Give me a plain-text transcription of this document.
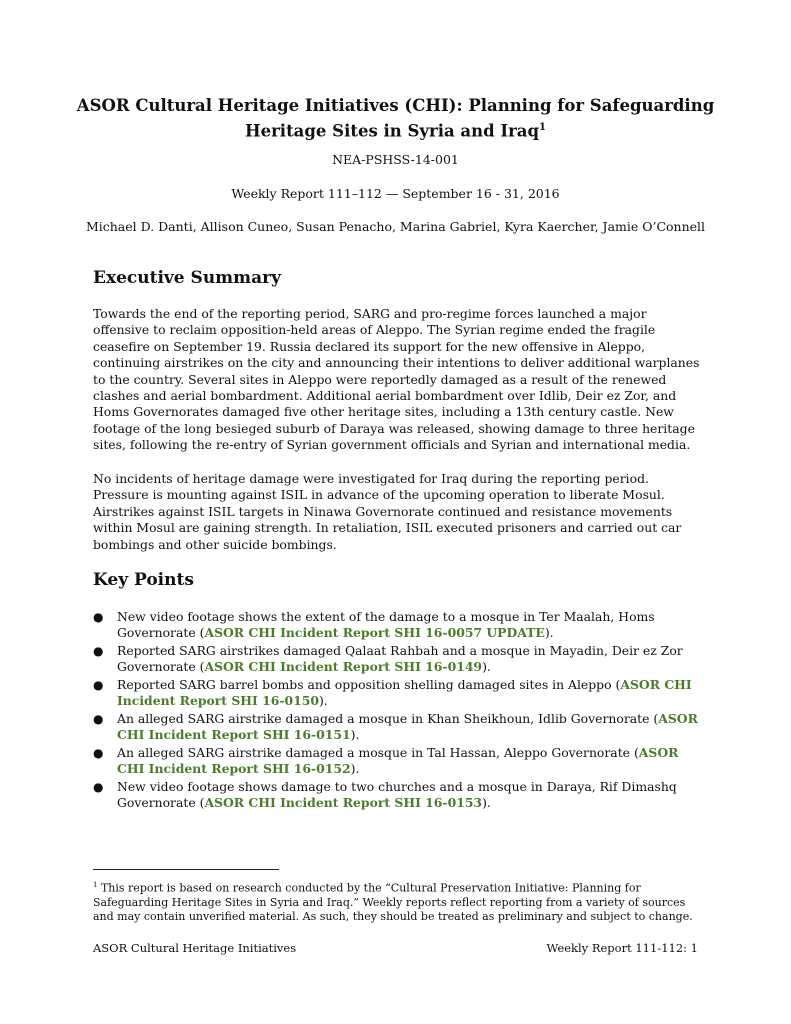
ASOR Cultural Heritage Initiatives (CHI): Planning for Safeguarding
Heritage Sites in Syria and Iraq$^1$
NEA-PSHSS-14-001
Weekly Report 111–112 — September 16 - 31, 2016
Michael D. Danti, Allison Cuneo, Susan Penacho, Marina Gabriel, Kyra Kaercher, Jamie O’Connell
Executive Summary
Towards the end of the reporting period, SARG and pro-regime forces launched a major offensive to reclaim opposition-held areas of Aleppo. The Syrian regime ended the fragile ceasefire on September 19. Russia declared its support for the new offensive in Aleppo, continuing airstrikes on the city and announcing their intentions to deliver additional warplanes to the country. Several sites in Aleppo were reportedly damaged as a result of the renewed clashes and aerial bombardment. Additional aerial bombardment over Idlib, Deir ez Zor, and Homs Governorates damaged five other heritage sites, including a 13th century castle. New footage of the long besieged suburb of Daraya was released, showing damage to three heritage sites, following the re-entry of Syrian government officials and Syrian and international media.
No incidents of heritage damage were investigated for Iraq during the reporting period. Pressure is mounting against ISIL in advance of the upcoming operation to liberate Mosul. Airstrikes against ISIL targets in Ninawa Governorate continued and resistance movements within Mosul are gaining strength. In retaliation, ISIL executed prisoners and carried out car bombings and other suicide bombings.
Key Points
● New video footage shows the extent of the damage to a mosque in Ter Maalah, Homs Governorate (ASOR CHI Incident Report SHI 16-0057 UPDATE).
● Reported SARG airstrikes damaged Qalaat Rahbah and a mosque in Mayadin, Deir ez Zor Governorate (ASOR CHI Incident Report SHI 16-0149).
● Reported SARG barrel bombs and opposition shelling damaged sites in Aleppo (ASOR CHI Incident Report SHI 16-0150).
● An alleged SARG airstrike damaged a mosque in Khan Sheikhoun, Idlib Governorate (ASOR CHI Incident Report SHI 16-0151).
● An alleged SARG airstrike damaged a mosque in Tal Hassan, Aleppo Governorate (ASOR CHI Incident Report SHI 16-0152).
● New video footage shows damage to two churches and a mosque in Daraya, Rif Dimashq Governorate (ASOR CHI Incident Report SHI 16-0153).
$^1$ This report is based on research conducted by the “Cultural Preservation Initiative: Planning for Safeguarding Heritage Sites in Syria and Iraq.” Weekly reports reflect reporting from a variety of sources and may contain unverified material. As such, they should be treated as preliminary and subject to change.
ASOR Cultural Heritage Initiatives	Weekly Report 111-112: 1
